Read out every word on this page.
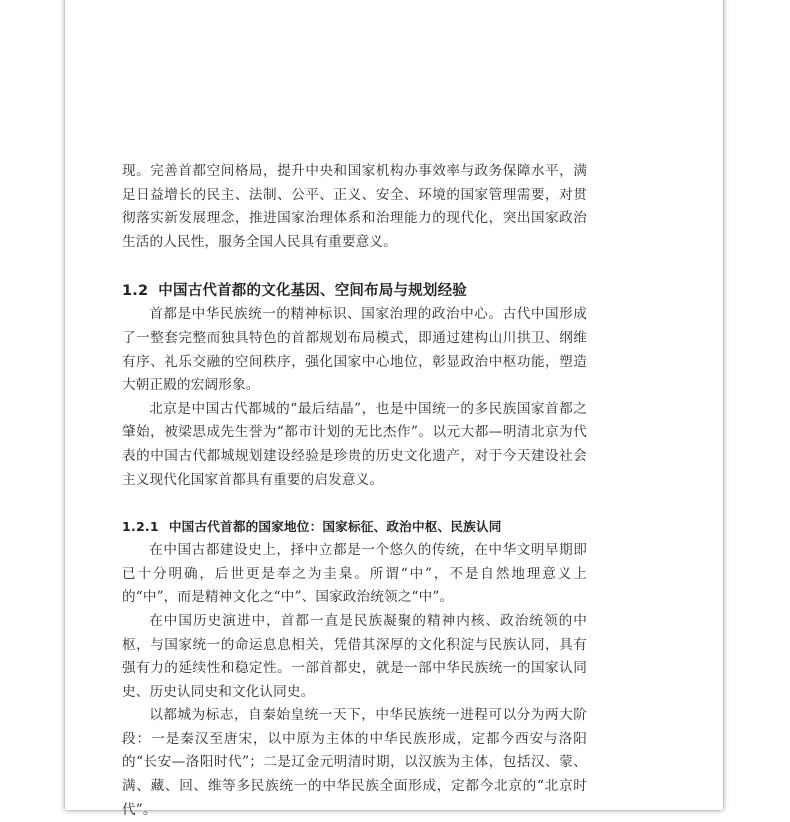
现。完善首都空间格局，提升中央和国家机构办事效率与政务保障水平，满足日益增长的民主、法制、公平、正义、安全、环境的国家管理需要，对贯彻落实新发展理念，推进国家治理体系和治理能力的现代化，突出国家政治生活的人民性，服务全国人民具有重要意义。

1.2 中国古代首都的文化基因、空间布局与规划经验

首都是中华民族统一的精神标识、国家治理的政治中心。古代中国形成了一整套完整而独具特色的首都规划布局模式，即通过建构山川拱卫、纲维有序、礼乐交融的空间秩序，强化国家中心地位，彰显政治中枢功能，塑造大朝正殿的宏阔形象。

北京是中国古代都城的“最后结晶”，也是中国统一的多民族国家首都之肇始，被梁思成先生誉为“都市计划的无比杰作”。以元大都—明清北京为代表的中国古代都城规划建设经验是珍贵的历史文化遗产，对于今天建设社会主义现代化国家首都具有重要的启发意义。

1.2.1 中国古代首都的国家地位：国家标征、政治中枢、民族认同

在中国古都建设史上，择中立都是一个悠久的传统，在中华文明早期即已十分明确，后世更是奉之为圭臬。所谓“中”，不是自然地理意义上的“中”，而是精神文化之“中”、国家政治统领之“中”。

在中国历史演进中，首都一直是民族凝聚的精神内核、政治统领的中枢，与国家统一的命运息息相关，凭借其深厚的文化积淀与民族认同，具有强有力的延续性和稳定性。一部首都史，就是一部中华民族统一的国家认同史、历史认同史和文化认同史。

以都城为标志，自秦始皇统一天下，中华民族统一进程可以分为两大阶段：一是秦汉至唐宋，以中原为主体的中华民族形成，定都今西安与洛阳的“长安—洛阳时代”；二是辽金元明清时期，以汉族为主体，包括汉、蒙、满、藏、回、维等多民族统一的中华民族全面形成，定都今北京的“北京时代”。
